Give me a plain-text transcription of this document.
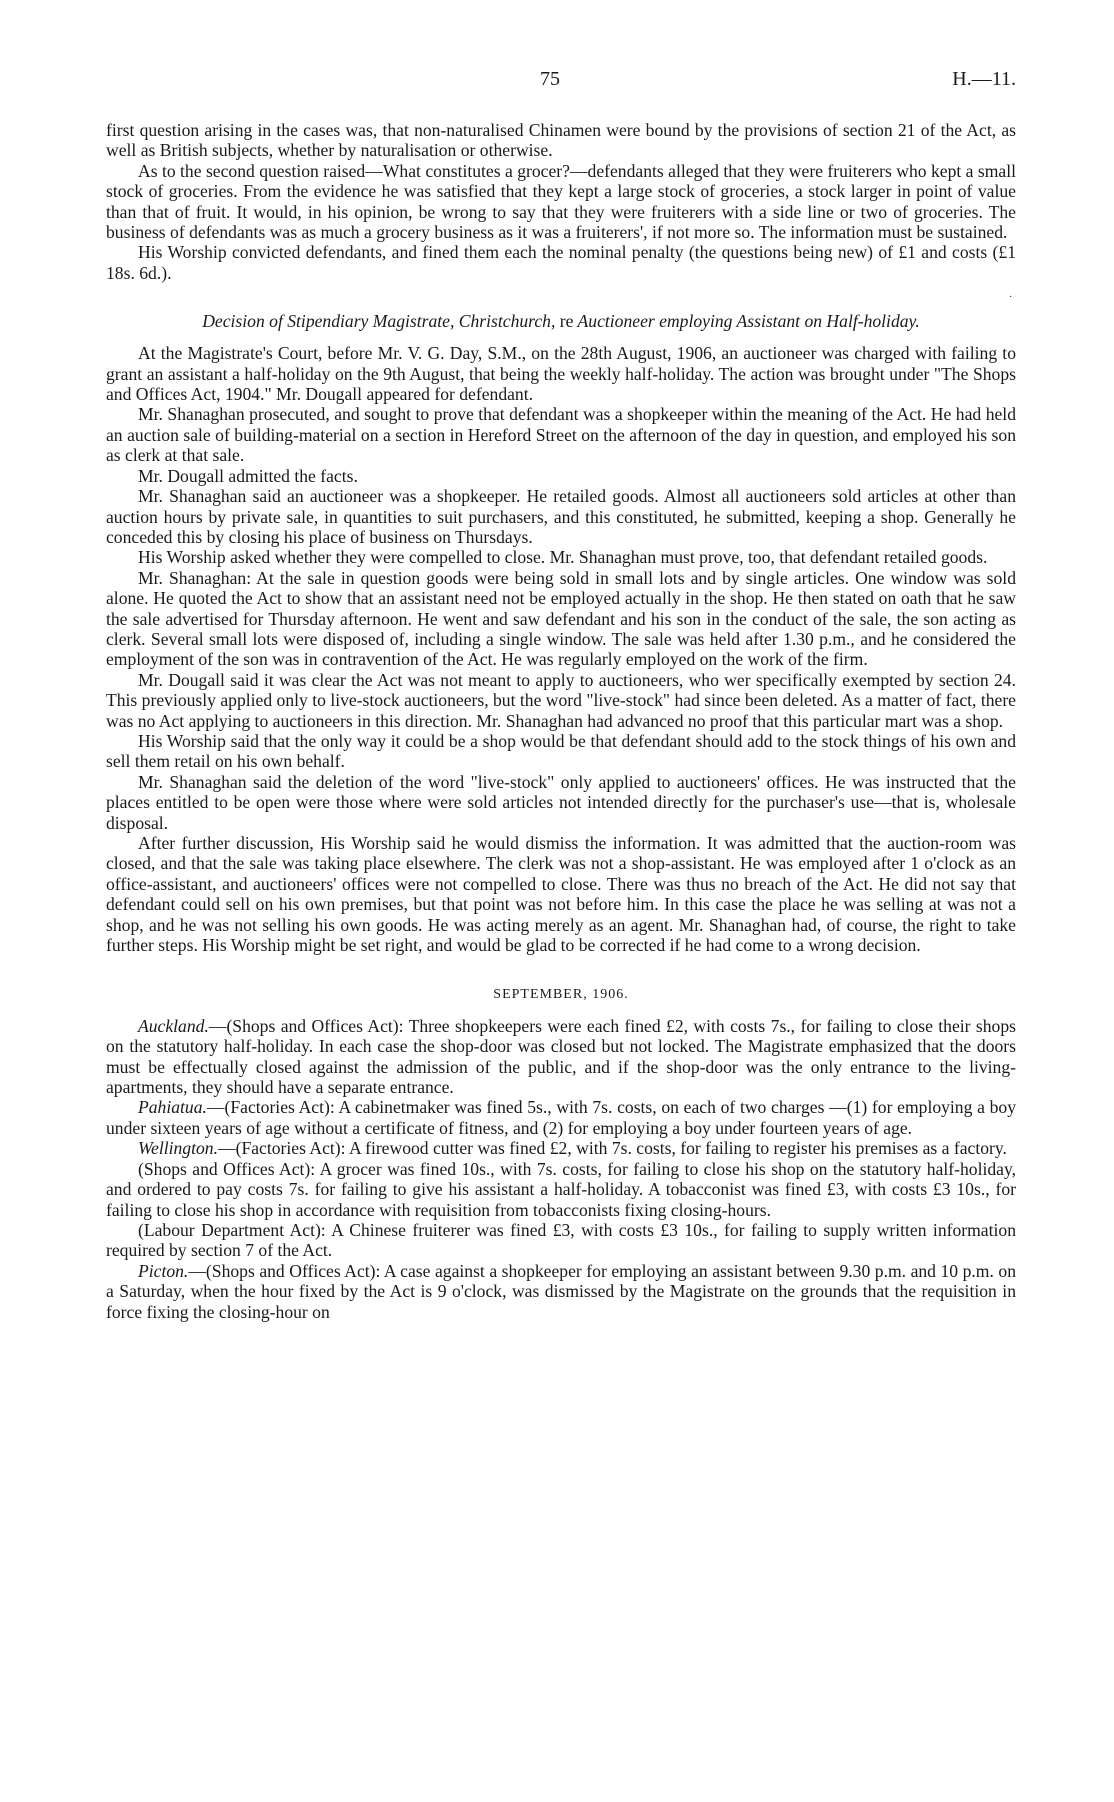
75	H.—11.

first question arising in the cases was, that non-naturalised Chinamen were bound by the provisions of section 21 of the Act, as well as British subjects, whether by naturalisation or otherwise.

As to the second question raised—What constitutes a grocer?—defendants alleged that they were fruiterers who kept a small stock of groceries. From the evidence he was satisfied that they kept a large stock of groceries, a stock larger in point of value than that of fruit. It would, in his opinion, be wrong to say that they were fruiterers with a side line or two of groceries. The business of defendants was as much a grocery business as it was a fruiterers', if not more so. The information must be sustained.

His Worship convicted defendants, and fined them each the nominal penalty (the questions being new) of £1 and costs (£1 18s. 6d.).

.
Decision of Stipendiary Magistrate, Christchurch, re Auctioneer employing Assistant on Half-holiday.

At the Magistrate's Court, before Mr. V. G. Day, S.M., on the 28th August, 1906, an auctioneer was charged with failing to grant an assistant a half-holiday on the 9th August, that being the weekly half-holiday. The action was brought under "The Shops and Offices Act, 1904." Mr. Dougall appeared for defendant.

Mr. Shanaghan prosecuted, and sought to prove that defendant was a shopkeeper within the meaning of the Act. He had held an auction sale of building-material on a section in Hereford Street on the afternoon of the day in question, and employed his son as clerk at that sale.

Mr. Dougall admitted the facts.

Mr. Shanaghan said an auctioneer was a shopkeeper. He retailed goods. Almost all auctioneers sold articles at other than auction hours by private sale, in quantities to suit purchasers, and this constituted, he submitted, keeping a shop. Generally he conceded this by closing his place of business on Thursdays.

His Worship asked whether they were compelled to close. Mr. Shanaghan must prove, too, that defendant retailed goods.

Mr. Shanaghan: At the sale in question goods were being sold in small lots and by single articles. One window was sold alone. He quoted the Act to show that an assistant need not be employed actually in the shop. He then stated on oath that he saw the sale advertised for Thursday afternoon. He went and saw defendant and his son in the conduct of the sale, the son acting as clerk. Several small lots were disposed of, including a single window. The sale was held after 1.30 p.m., and he considered the employment of the son was in contravention of the Act. He was regularly employed on the work of the firm.

Mr. Dougall said it was clear the Act was not meant to apply to auctioneers, who wer specifically exempted by section 24. This previously applied only to live-stock auctioneers, but the word "live-stock" had since been deleted. As a matter of fact, there was no Act applying to auctioneers in this direction. Mr. Shanaghan had advanced no proof that this particular mart was a shop.

His Worship said that the only way it could be a shop would be that defendant should add to the stock things of his own and sell them retail on his own behalf.

Mr. Shanaghan said the deletion of the word "live-stock" only applied to auctioneers' offices. He was instructed that the places entitled to be open were those where were sold articles not intended directly for the purchaser's use—that is, wholesale disposal.

After further discussion, His Worship said he would dismiss the information. It was admitted that the auction-room was closed, and that the sale was taking place elsewhere. The clerk was not a shop-assistant. He was employed after 1 o'clock as an office-assistant, and auctioneers' offices were not compelled to close. There was thus no breach of the Act. He did not say that defendant could sell on his own premises, but that point was not before him. In this case the place he was selling at was not a shop, and he was not selling his own goods. He was acting merely as an agent. Mr. Shanaghan had, of course, the right to take further steps. His Worship might be set right, and would be glad to be corrected if he had come to a wrong decision.

SEPTEMBER, 1906.

Auckland.—(Shops and Offices Act): Three shopkeepers were each fined £2, with costs 7s., for failing to close their shops on the statutory half-holiday. In each case the shop-door was closed but not locked. The Magistrate emphasized that the doors must be effectually closed against the admission of the public, and if the shop-door was the only entrance to the living-apartments, they should have a separate entrance.

Pahiatua.—(Factories Act): A cabinetmaker was fined 5s., with 7s. costs, on each of two charges —(1) for employing a boy under sixteen years of age without a certificate of fitness, and (2) for employing a boy under fourteen years of age.

Wellington.—(Factories Act): A firewood cutter was fined £2, with 7s. costs, for failing to register his premises as a factory.

(Shops and Offices Act): A grocer was fined 10s., with 7s. costs, for failing to close his shop on the statutory half-holiday, and ordered to pay costs 7s. for failing to give his assistant a half-holiday. A tobacconist was fined £3, with costs £3 10s., for failing to close his shop in accordance with requisition from tobacconists fixing closing-hours.

(Labour Department Act): A Chinese fruiterer was fined £3, with costs £3 10s., for failing to supply written information required by section 7 of the Act.

Picton.—(Shops and Offices Act): A case against a shopkeeper for employing an assistant between 9.30 p.m. and 10 p.m. on a Saturday, when the hour fixed by the Act is 9 o'clock, was dismissed by the Magistrate on the grounds that the requisition in force fixing the closing-hour on
